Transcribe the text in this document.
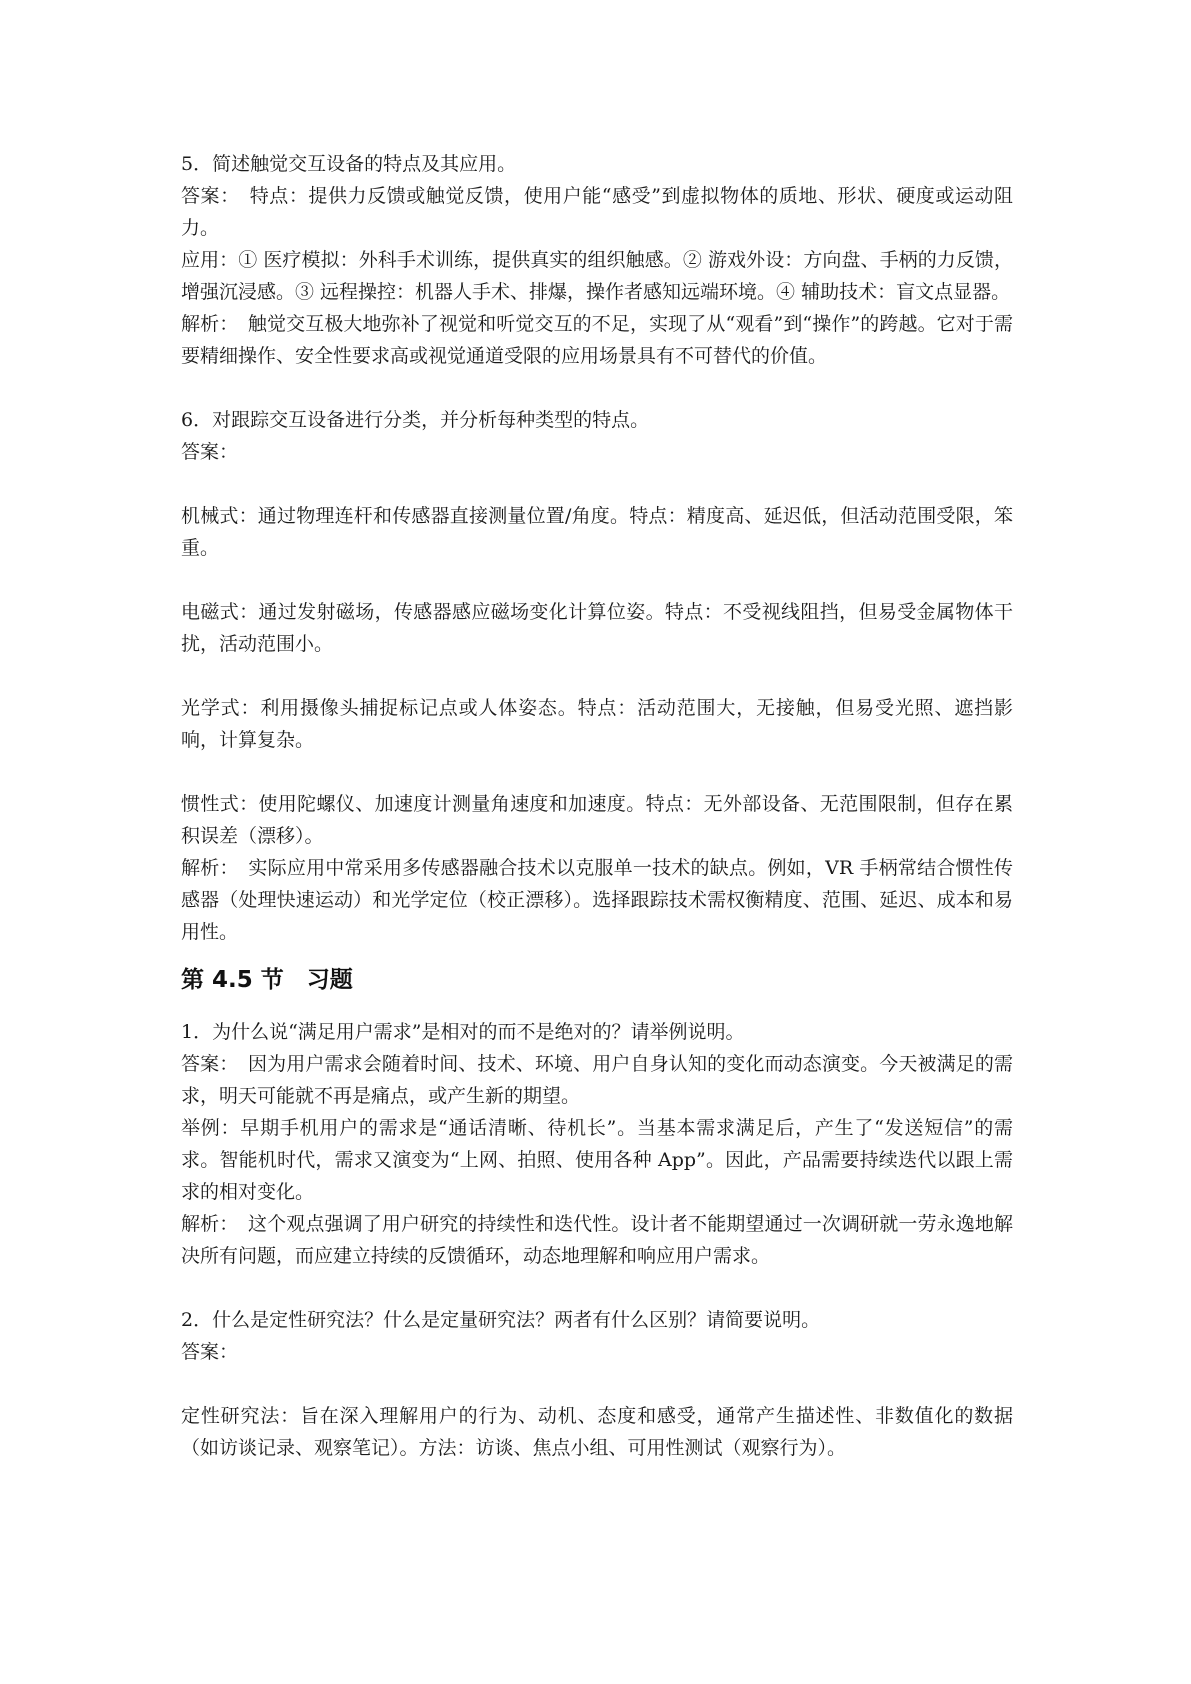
5．简述触觉交互设备的特点及其应用。

答案：　特点：提供力反馈或触觉反馈，使用户能“感受”到虚拟物体的质地、形状、硬度或运动阻力。

应用：① 医疗模拟：外科手术训练，提供真实的组织触感。② 游戏外设：方向盘、手柄的力反馈，增强沉浸感。③ 远程操控：机器人手术、排爆，操作者感知远端环境。④ 辅助技术：盲文点显器。

解析：　触觉交互极大地弥补了视觉和听觉交互的不足，实现了从“观看”到“操作”的跨越。它对于需要精细操作、安全性要求高或视觉通道受限的应用场景具有不可替代的价值。

6．对跟踪交互设备进行分类，并分析每种类型的特点。

答案：

机械式：通过物理连杆和传感器直接测量位置/角度。特点：精度高、延迟低，但活动范围受限，笨重。

电磁式：通过发射磁场，传感器感应磁场变化计算位姿。特点：不受视线阻挡，但易受金属物体干扰，活动范围小。

光学式：利用摄像头捕捉标记点或人体姿态。特点：活动范围大，无接触，但易受光照、遮挡影响，计算复杂。

惯性式：使用陀螺仪、加速度计测量角速度和加速度。特点：无外部设备、无范围限制，但存在累积误差（漂移）。

解析：　实际应用中常采用多传感器融合技术以克服单一技术的缺点。例如，VR 手柄常结合惯性传感器（处理快速运动）和光学定位（校正漂移）。选择跟踪技术需权衡精度、范围、延迟、成本和易用性。

第 4.5 节　习题

1．为什么说“满足用户需求”是相对的而不是绝对的？请举例说明。

答案：　因为用户需求会随着时间、技术、环境、用户自身认知的变化而动态演变。今天被满足的需求，明天可能就不再是痛点，或产生新的期望。

举例：早期手机用户的需求是“通话清晰、待机长”。当基本需求满足后，产生了“发送短信”的需求。智能机时代，需求又演变为“上网、拍照、使用各种 App”。因此，产品需要持续迭代以跟上需求的相对变化。

解析：　这个观点强调了用户研究的持续性和迭代性。设计者不能期望通过一次调研就一劳永逸地解决所有问题，而应建立持续的反馈循环，动态地理解和响应用户需求。

2．什么是定性研究法？什么是定量研究法？两者有什么区别？请简要说明。

答案：

定性研究法：旨在深入理解用户的行为、动机、态度和感受，通常产生描述性、非数值化的数据（如访谈记录、观察笔记）。方法：访谈、焦点小组、可用性测试（观察行为）。
